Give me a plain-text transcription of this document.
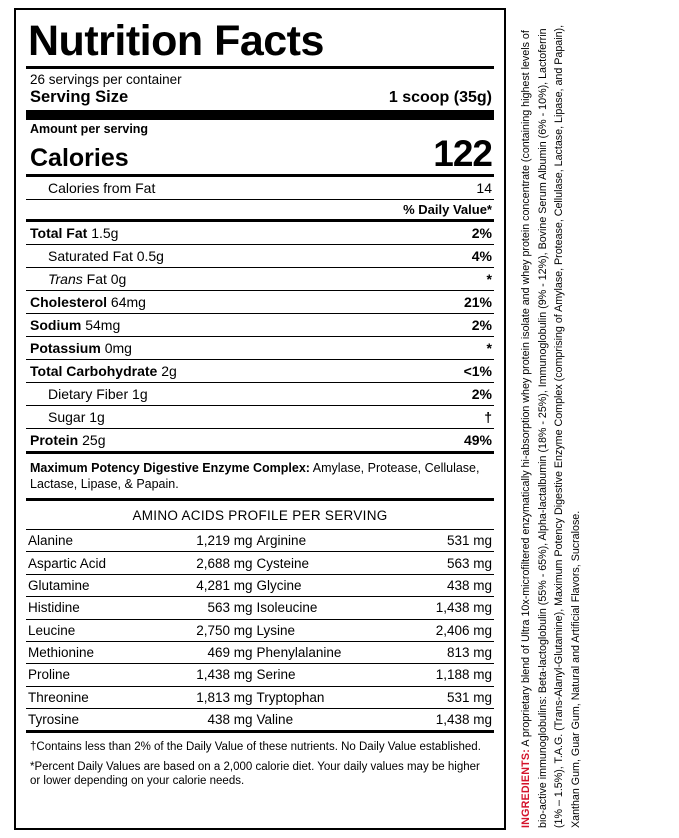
Nutrition Facts
26 servings per container
Serving Size	1 scoop (35g)
Amount per serving
Calories	122
Calories from Fat	14
% Daily Value*
Total Fat 1.5g	2%
Saturated Fat 0.5g	4%
Trans Fat 0g	*
Cholesterol 64mg	21%
Sodium 54mg	2%
Potassium 0mg	*
Total Carbohydrate 2g	<1%
Dietary Fiber 1g	2%
Sugar 1g	†
Protein 25g	49%
Maximum Potency Digestive Enzyme Complex: Amylase, Protease, Cellulase, Lactase, Lipase, & Papain.
AMINO ACIDS PROFILE PER SERVING
Alanine	1,219 mg	Arginine	531 mg
Aspartic Acid	2,688 mg	Cysteine	563 mg
Glutamine	4,281 mg	Glycine	438 mg
Histidine	563 mg	Isoleucine	1,438 mg
Leucine	2,750 mg	Lysine	2,406 mg
Methionine	469 mg	Phenylalanine	813 mg
Proline	1,438 mg	Serine	1,188 mg
Threonine	1,813 mg	Tryptophan	531 mg
Tyrosine	438 mg	Valine	1,438 mg

†Contains less than 2% of the Daily Value of these nutrients. No Daily Value established.

*Percent Daily Values are based on a 2,000 calorie diet. Your daily values may be higher or lower depending on your calorie needs.	INGREDIENTS: A proprietary blend of Ultra 10x-microfiltered enzymatically hi-absorption whey protein isolate and whey protein concentrate (containing highest levels of bio-active immunoglobulins: Beta-lactoglobulin (55% - 65%), Alpha-lactalbumin (18% - 25%), Immunoglobulin (9% - 12%), Bovine Serum Albumin (6% - 10%), Lactoferrin (1% – 1.5%), T.A.G. (Trans-Alanyl-Glutamine), Maximum Potency Digestive Enzyme Complex (comprising of Amylase, Protease, Cellulase, Lactase, Lipase, and Papain), Xanthan Gum, Guar Gum, Natural and Artificial Flavors, Sucralose.
